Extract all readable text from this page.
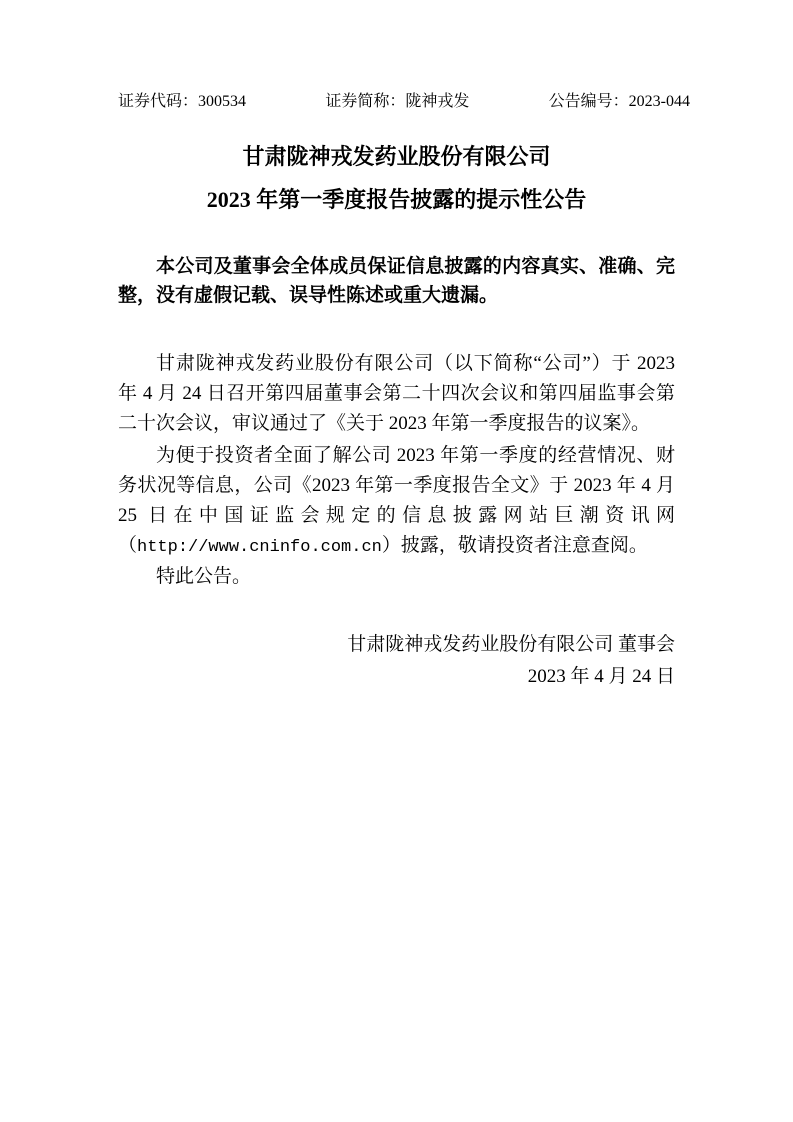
证券代码：300534	证券简称：陇神戎发	公告编号：2023-044
甘肃陇神戎发药业股份有限公司
2023 年第一季度报告披露的提示性公告

本公司及董事会全体成员保证信息披露的内容真实、准确、完整，没有虚假记载、误导性陈述或重大遗漏。

甘肃陇神戎发药业股份有限公司（以下简称“公司”）于 2023 年 4 月 24 日召开第四届董事会第二十四次会议和第四届监事会第二十次会议，审议通过了《关于 2023 年第一季度报告的议案》。

为便于投资者全面了解公司 2023 年第一季度的经营情况、财务状况等信息，公司《2023 年第一季度报告全文》于 2023 年 4 月 25 日在中国证监会规定的信息披露网站巨潮资讯网（http://www.cninfo.com.cn）披露，敬请投资者注意查阅。

特此公告。

甘肃陇神戎发药业股份有限公司 董事会

2023 年 4 月 24 日
